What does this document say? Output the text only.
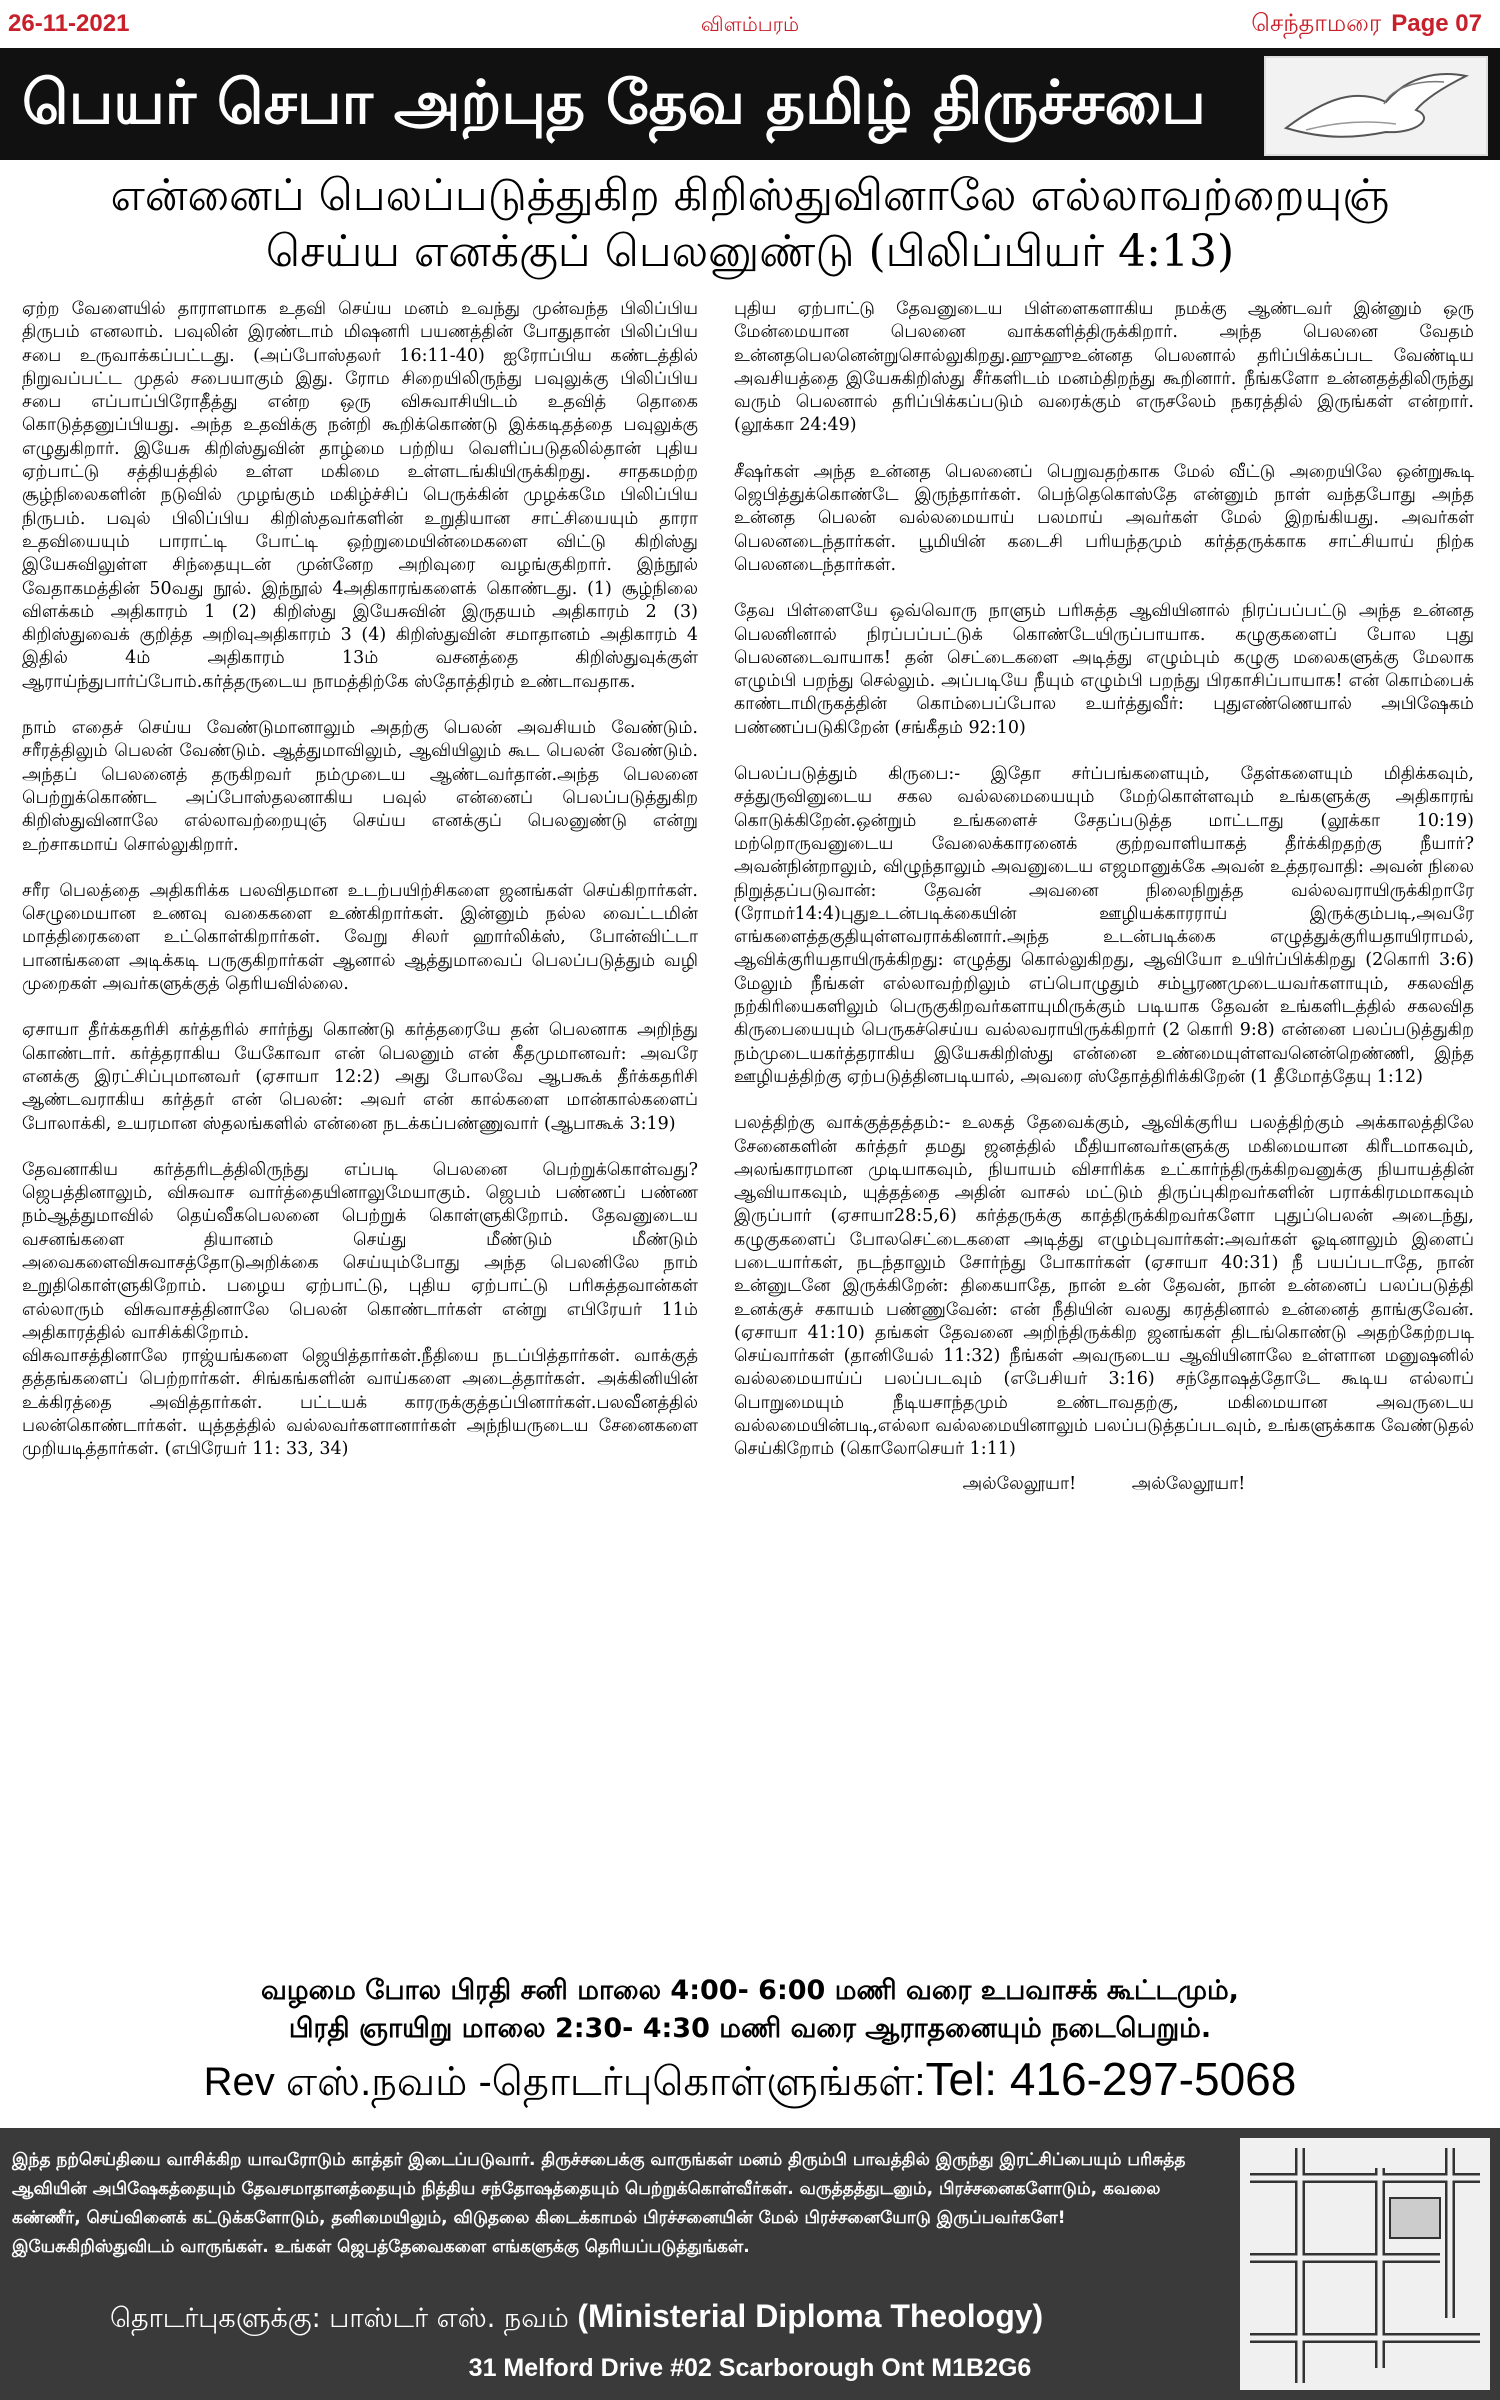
26-11-2021	விளம்பரம்	செந்தாமரை Page 07
பெயர் செபா அற்புத தேவ தமிழ் திருச்சபை
என்னைப் பெலப்படுத்துகிற கிறிஸ்துவினாலே எல்லாவற்றையுஞ்
செய்ய எனக்குப் பெலனுண்டு (பிலிப்பியர் 4:13)

ஏற்ற வேளையில் தாராளமாக உதவி செய்ய மனம் உவந்து முன்வந்த பிலிப்பிய திருபம் எனலாம். பவுலின் இரண்டாம் மிஷனரி பயணத்தின் போதுதான் பிலிப்பிய சபை உருவாக்கப்பட்டது. (அப்போஸ்தலர் 16:11-40) ஐரோப்பிய கண்டத்தில் நிறுவப்பட்ட முதல் சபையாகும் இது. ரோம சிறையிலிருந்து பவுலுக்கு பிலிப்பிய சபை எப்பாப்பிரோதீத்து என்ற ஒரு விசுவாசியிடம் உதவித் தொகை கொடுத்தனுப்பியது. அந்த உதவிக்கு நன்றி கூறிக்கொண்டு இக்கடிதத்தை பவுலுக்கு எழுதுகிறார். இயேசு கிறிஸ்துவின் தாழ்மை பற்றிய வெளிப்படுதலில்தான் புதிய ஏற்பாட்டு சத்தியத்தில் உள்ள மகிமை உள்ளடங்கியிருக்கிறது. சாதகமற்ற சூழ்நிலைகளின் நடுவில் முழங்கும் மகிழ்ச்சிப் பெருக்கின் முழக்கமே பிலிப்பிய நிருபம். பவுல் பிலிப்பிய கிறிஸ்தவர்களின் உறுதியான சாட்சியையும் தாரா உதவியையும் பாராட்டி போட்டி ஒற்றுமையின்மைகளை விட்டு கிறிஸ்து இயேசுவிலுள்ள சிந்தையுடன் முன்னேற அறிவுரை வழங்குகிறார். இந்நூல் வேதாகமத்தின் 50வது நூல். இந்நூல் 4அதிகாரங்களைக் கொண்டது. (1) சூழ்நிலை விளக்கம் அதிகாரம் 1 (2) கிறிஸ்து இயேசுவின் இருதயம் அதிகாரம் 2 (3) கிறிஸ்துவைக் குறித்த அறிவுஅதிகாரம் 3 (4) கிறிஸ்துவின் சமாதானம் அதிகாரம் 4 இதில் 4ம் அதிகாரம் 13ம் வசனத்தை கிறிஸ்துவுக்குள் ஆராய்ந்துபார்ப்போம்.கர்த்தருடைய நாமத்திற்கே ஸ்தோத்திரம் உண்டாவதாக.

நாம் எதைச் செய்ய வேண்டுமானாலும் அதற்கு பெலன் அவசியம் வேண்டும். சரீரத்திலும் பெலன் வேண்டும். ஆத்துமாவிலும், ஆவியிலும் கூட பெலன் வேண்டும். அந்தப் பெலனைத் தருகிறவர் நம்முடைய ஆண்டவர்தான்.அந்த பெலனை பெற்றுக்கொண்ட அப்போஸ்தலனாகிய பவுல் என்னைப் பெலப்படுத்துகிற கிறிஸ்துவினாலே எல்லாவற்றையுஞ் செய்ய எனக்குப் பெலனுண்டு என்று உற்சாகமாய் சொல்லுகிறார்.

சரீர பெலத்தை அதிகரிக்க பலவிதமான உடற்பயிற்சிகளை ஜனங்கள் செய்கிறார்கள். செழுமையான உணவு வகைகளை உண்கிறார்கள். இன்னும் நல்ல வைட்டமின் மாத்திரைகளை உட்கொள்கிறார்கள். வேறு சிலர் ஹார்லிக்ஸ், போன்விட்டா பானங்களை அடிக்கடி பருகுகிறார்கள் ஆனால் ஆத்துமாவைப் பெலப்படுத்தும் வழி முறைகள் அவர்களுக்குத் தெரியவில்லை.

ஏசாயா தீர்க்கதரிசி கர்த்தரில் சார்ந்து கொண்டு கர்த்தரையே தன் பெலனாக அறிந்து கொண்டார். கர்த்தராகிய யேகோவா என் பெலனும் என் கீதமுமானவர்: அவரே எனக்கு இரட்சிப்புமானவர் (ஏசாயா 12:2) அது போலவே ஆபகூக் தீர்க்கதரிசி ஆண்டவராகிய கர்த்தர் என் பெலன்: அவர் என் கால்களை மான்கால்களைப் போலாக்கி, உயரமான ஸ்தலங்களில் என்னை நடக்கப்பண்ணுவார் (ஆபாகூக் 3:19)

தேவனாகிய கர்த்தரிடத்திலிருந்து எப்படி பெலனை பெற்றுக்கொள்வது? ஜெபத்தினாலும், விசுவாச வார்த்தையினாலுமேயாகும். ஜெபம் பண்ணப் பண்ண நம்ஆத்துமாவில் தெய்வீகபெலனை பெற்றுக் கொள்ளுகிறோம். தேவனுடைய வசனங்களை தியானம் செய்து மீண்டும் மீண்டும் அவைகளைவிசுவாசத்தோடுஅறிக்கை செய்யும்போது அந்த பெலனிலே நாம் உறுதிகொள்ளுகிறோம். பழைய ஏற்பாட்டு, புதிய ஏற்பாட்டு பரிசுத்தவான்கள் எல்லாரும் விசுவாசத்தினாலே பெலன் கொண்டார்கள் என்று எபிரேயர் 11ம் அதிகாரத்தில் வாசிக்கிறோம்.

விசுவாசத்தினாலே ராஜ்யங்களை ஜெயித்தார்கள்.நீதியை நடப்பித்தார்கள். வாக்குத் தத்தங்களைப் பெற்றார்கள். சிங்கங்களின் வாய்களை அடைத்தார்கள். அக்கினியின் உக்கிரத்தை அவித்தார்கள். பட்டயக் காரருக்குத்தப்பினார்கள்.பலவீனத்தில் பலன்கொண்டார்கள். யுத்தத்தில் வல்லவர்களானார்கள் அந்நியருடைய சேனைகளை முறியடித்தார்கள். (எபிரேயர் 11: 33, 34)

புதிய ஏற்பாட்டு தேவனுடைய பிள்ளைகளாகிய நமக்கு ஆண்டவர் இன்னும் ஒரு மேன்மையான பெலனை வாக்களித்திருக்கிறார். அந்த பெலனை வேதம் உன்னதபெலனென்றுசொல்லுகிறது.ஹுஹுஉன்னத பெலனால் தரிப்பிக்கப்பட வேண்டிய அவசியத்தை இயேசுகிறிஸ்து சீர்களிடம் மனம்திறந்து கூறினார். நீங்களோ உன்னதத்திலிருந்து வரும் பெலனால் தரிப்பிக்கப்படும் வரைக்கும் எருசலேம் நகரத்தில் இருங்கள் என்றார். (லூக்கா 24:49)

சீஷர்கள் அந்த உன்னத பெலனைப் பெறுவதற்காக மேல் வீட்டு அறையிலே ஒன்றுகூடி ஜெபித்துக்கொண்டே இருந்தார்கள். பெந்தெகொஸ்தே என்னும் நாள் வந்தபோது அந்த உன்னத பெலன் வல்லமையாய் பலமாய் அவர்கள் மேல் இறங்கியது. அவர்கள் பெலனடைந்தார்கள். பூமியின் கடைசி பரியந்தமும் கர்த்தருக்காக சாட்சியாய் நிற்க பெலனடைந்தார்கள்.

தேவ பிள்ளையே ஒவ்வொரு நாளும் பரிசுத்த ஆவியினால் நிரப்பப்பட்டு அந்த உன்னத பெலனினால் நிரப்பப்பட்டுக் கொண்டேயிருப்பாயாக. கழுகுகளைப் போல புது பெலனடைவாயாக! தன் செட்டைகளை அடித்து எழும்பும் கழுகு மலைகளுக்கு மேலாக எழும்பி பறந்து செல்லும். அப்படியே நீயும் எழும்பி பறந்து பிரகாசிப்பாயாக! என் கொம்பைக் காண்டாமிருகத்தின் கொம்பைப்போல உயர்த்துவீர்: புதுஎண்ணெயால் அபிஷேகம் பண்ணப்படுகிறேன் (சங்கீதம் 92:10)

பெலப்படுத்தும் கிருபை:- இதோ சர்ப்பங்களையும், தேள்களையும் மிதிக்கவும், சத்துருவினுடைய சகல வல்லமையையும் மேற்கொள்ளவும் உங்களுக்கு அதிகாரங் கொடுக்கிறேன்.ஒன்றும் உங்களைச் சேதப்படுத்த மாட்டாது (லூக்கா 10:19) மற்றொருவனுடைய வேலைக்காரனைக் குற்றவாளியாகத் தீர்க்கிறதற்கு நீயார்?அவன்நின்றாலும், விழுந்தாலும் அவனுடைய எஜமானுக்கே அவன் உத்தரவாதி: அவன் நிலை நிறுத்தப்படுவான்: தேவன் அவனை நிலைநிறுத்த வல்லவராயிருக்கிறாரே (ரோமர்14:4)புதுஉடன்படிக்கையின் ஊழியக்காரராய் இருக்கும்படி,அவரே எங்களைத்தகுதியுள்ளவராக்கினார்.அந்த உடன்படிக்கை எழுத்துக்குரியதாயிராமல், ஆவிக்குரியதாயிருக்கிறது: எழுத்து கொல்லுகிறது, ஆவியோ உயிர்ப்பிக்கிறது (2கொரி 3:6) மேலும் நீங்கள் எல்லாவற்றிலும் எப்பொழுதும் சம்பூரணமுடையவர்களாயும், சகலவித நற்கிரியைகளிலும் பெருகுகிறவர்களாயுமிருக்கும் படியாக தேவன் உங்களிடத்தில் சகலவித கிருபையையும் பெருகச்செய்ய வல்லவராயிருக்கிறார் (2 கொரி 9:8) என்னை பலப்படுத்துகிற நம்முடையகர்த்தராகிய இயேசுகிறிஸ்து என்னை உண்மையுள்ளவனென்றெண்ணி, இந்த ஊழியத்திற்கு ஏற்படுத்தினபடியால், அவரை ஸ்தோத்திரிக்கிறேன் (1 தீமோத்தேயு 1:12)

பலத்திற்கு வாக்குத்தத்தம்:- உலகத் தேவைக்கும், ஆவிக்குரிய பலத்திற்கும் அக்காலத்திலே சேனைகளின் கர்த்தர் தமது ஜனத்தில் மீதியானவர்களுக்கு மகிமையான கிரீடமாகவும், அலங்காரமான முடியாகவும், நியாயம் விசாரிக்க உட்கார்ந்திருக்கிறவனுக்கு நியாயத்தின் ஆவியாகவும், யுத்தத்தை அதின் வாசல் மட்டும் திருப்புகிறவர்களின் பராக்கிரமமாகவும் இருப்பார் (ஏசாயா28:5,6) கர்த்தருக்கு காத்திருக்கிறவர்களோ புதுப்பெலன் அடைந்து, கழுகுகளைப் போலசெட்டைகளை அடித்து எழும்புவார்கள்:அவர்கள் ஓடினாலும் இளைப் படையார்கள், நடந்தாலும் சோர்ந்து போகார்கள் (ஏசாயா 40:31) நீ பயப்படாதே, நான் உன்னுடனே இருக்கிறேன்: திகையாதே, நான் உன் தேவன், நான் உன்னைப் பலப்படுத்தி உனக்குச் சகாயம் பண்ணுவேன்: என் நீதியின் வலது கரத்தினால் உன்னைத் தாங்குவேன். (ஏசாயா 41:10) தங்கள் தேவனை அறிந்திருக்கிற ஜனங்கள் திடங்கொண்டு அதற்கேற்றபடி செய்வார்கள் (தானியேல் 11:32) நீங்கள் அவருடைய ஆவியினாலே உள்ளான மனுஷனில் வல்லமையாய்ப் பலப்படவும் (எபேசியர் 3:16) சந்தோஷத்தோடே கூடிய எல்லாப் பொறுமையும் நீடியசாந்தமும் உண்டாவதற்கு, மகிமையான அவருடைய வல்லமையின்படி,எல்லா வல்லமையினாலும் பலப்படுத்தப்படவும், உங்களுக்காக வேண்டுதல் செய்கிறோம் (கொலோசெயர் 1:11)

அல்லேலூயா!	அல்லேலூயா!
வழமை போல பிரதி சனி மாலை 4:00- 6:00 மணி வரை உபவாசக் கூட்டமும்,
பிரதி ஞாயிறு மாலை 2:30- 4:30 மணி வரை ஆராதனையும் நடைபெறும்.
Rev எஸ்.நவம் -தொடர்புகொள்ளுங்கள்:Tel: 416-297-5068
இந்த நற்செய்தியை வாசிக்கிற யாவரோடும் காத்தர் இடைப்படுவார். திருச்சபைக்கு வாருங்கள் மனம் திரும்பி பாவத்தில் இருந்து இரட்சிப்பையும் பரிசுத்த ஆவியின் அபிஷேகத்தையும் தேவசமாதானத்தையும் நித்திய சந்தோஷத்தையும் பெற்றுக்கொள்வீர்கள். வருத்தத்துடனும், பிரச்சனைகளோடும், கவலை கண்ணீர், செய்வினைக் கட்டுக்களோடும், தனிமையிலும், விடுதலை கிடைக்காமல் பிரச்சனையின் மேல் பிரச்சனையோடு இருப்பவர்களே! இயேசுகிறிஸ்துவிடம் வாருங்கள். உங்கள் ஜெபத்தேவைகளை எங்களுக்கு தெரியப்படுத்துங்கள்.
தொடர்புகளுக்கு: பாஸ்டர் எஸ். நவம் (Ministerial Diploma Theology)
31 Melford Drive #02 Scarborough Ont M1B2G6
